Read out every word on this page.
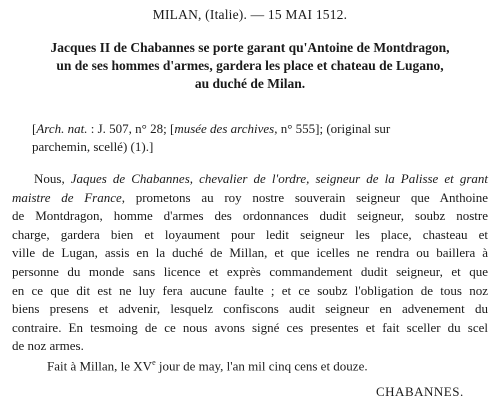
MILAN, (Italie). — 15 MAI 1512.
Jacques II de Chabannes se porte garant qu'Antoine de Montdragon,
un de ses hommes d'armes, gardera les place et chateau de Lugano,
au duché de Milan.
[Arch. nat. : J. 507, n° 28; [musée des archives, n° 555]; (original sur
parchemin, scellé) (1).]
Nous, Jaques de Chabannes, chevalier de l'ordre, seigneur de la Palisse et grant
maistre de France, prometons au roy nostre souverain seigneur que Anthoine
de Montdragon, homme d'armes des ordonnances dudit seigneur, soubz nostre
charge, gardera bien et loyaument pour ledit seigneur les place, chasteau et
ville de Lugan, assis en la duché de Millan, et que icelles ne rendra ou baillera à
personne du monde sans licence et exprès commandement dudit seigneur, et que
en ce que dit est ne luy fera aucune faulte ; et ce soubz l'obligation de tous noz
biens presens et advenir, lesquelz confiscons audit seigneur en advenement du
contraire. En tesmoing de ce nous avons signé ces presentes et fait sceller du scel
de noz armes.
Fait à Millan, le XVe jour de may, l'an mil cinq cens et douze.
CHABANNES.
